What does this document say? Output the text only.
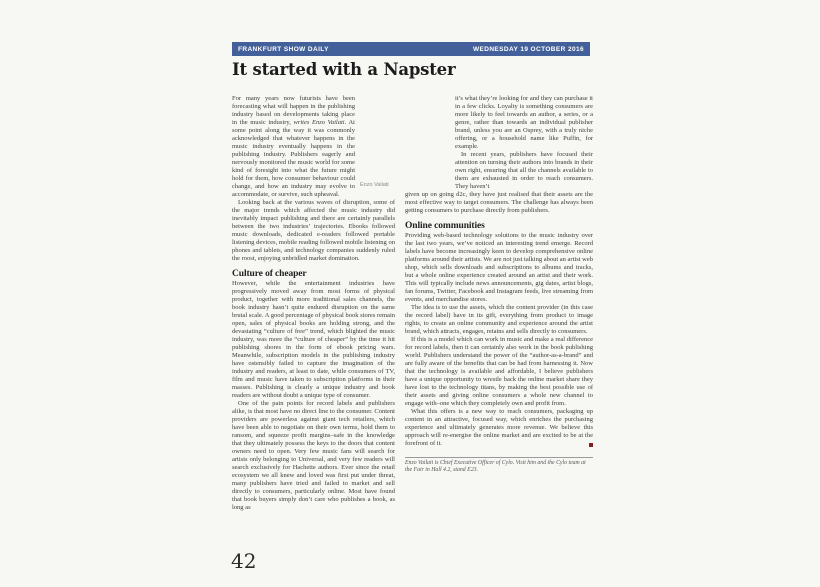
FRANKFURT SHOW DAILY	WEDNESDAY 19 OCTOBER 2016
It started with a Napster
Enzo Vailati

For many years now futurists have been forecasting what will happen in the publishing industry based on developments taking place in the music industry, writes Enzo Vailati. At some point along the way it was commonly acknowledged that whatever happens in the music industry eventually happens in the publishing industry. Publishers eagerly and nervously monitored the music world for some kind of foresight into what the future might hold for them, how consumer behaviour could change, and how an industry may evolve to accommodate, or survive, such upheaval.

Looking back at the various waves of disruption, some of the major trends which affected the music industry did inevitably impact publishing and there are certainly parallels between the two industries’ trajectories. Ebooks followed music downloads, dedicated e-readers followed portable listening devices, mobile reading followed mobile listening on phones and tablets, and technology companies suddenly ruled the roost, enjoying unbridled market domination.

Culture of cheaper

However, while the entertainment industries have progressively moved away from most forms of physical product, together with more traditional sales channels, the book industry hasn’t quite endured disruption on the same brutal scale. A good percentage of physical book stores remain open, sales of physical books are holding strong, and the devastating “culture of free” trend, which blighted the music industry, was more the “culture of cheaper” by the time it hit publishing shores in the form of ebook pricing wars. Meanwhile, subscription models in the publishing industry have ostensibly failed to capture the imagination of the industry and readers, at least to date, while consumers of TV, film and music have taken to subscription platforms in their masses. Publishing is clearly a unique industry and book readers are without doubt a unique type of consumer.

One of the pain points for record labels and publishers alike, is that most have no direct line to the consumer. Content providers are powerless against giant tech retailers, which have been able to negotiate on their own terms, hold them to ransom, and squeeze profit margins–safe in the knowledge that they ultimately possess the keys to the doors that content owners need to open. Very few music fans will search for artists only belonging to Universal, and very few readers will search exclusively for Hachette authors. Ever since the retail ecosystem we all knew and loved was first put under threat, many publishers have tried and failed to market and sell directly to consumers, particularly online. Most have found that book buyers simply don’t care who publishes a book, as long as

it’s what they’re looking for and they can purchase it in a few clicks. Loyalty is something consumers are more likely to feel towards an author, a series, or a genre, rather than towards an individual publisher brand, unless you are an Osprey, with a truly niche offering, or a household name like Puffin, for example.

In recent years, publishers have focused their attention on turning their authors into brands in their own right, ensuring that all the channels available to them are exhausted in order to reach consumers. They haven’t

given up on going d2c, they have just realised that their assets are the most effective way to target consumers. The challenge has always been getting consumers to purchase directly from publishers.

Online communities

Providing web-based technology solutions to the music industry over the last two years, we’ve noticed an interesting trend emerge. Record labels have become increasingly keen to develop comprehensive online platforms around their artists. We are not just talking about an artist web shop, which sells downloads and subscriptions to albums and tracks, but a whole online experience created around an artist and their work. This will typically include news announcements, gig dates, artist blogs, fan forums, Twitter, Facebook and Instagram feeds, live streaming from events, and merchandise stores.

The idea is to use the assets, which the content provider (in this case the record label) have in its gift, everything from product to image rights, to create an online community and experience around the artist brand, which attracts, engages, retains and sells directly to consumers.

If this is a model which can work in music and make a real difference for record labels, then it can certainly also work in the book publishing world. Publishers understand the power of the “author-as-a-brand” and are fully aware of the benefits that can be had from harnessing it. Now that the technology is available and affordable, I believe publishers have a unique opportunity to wrestle back the online market share they have lost to the technology titans, by making the best possible use of their assets and giving online consumers a whole new channel to engage with–one which they completely own and profit from.

What this offers is a new way to reach consumers, packaging up content in an attractive, focused way, which enriches the purchasing experience and ultimately generates more revenue. We believe this approach will re-energise the online market and are excited to be at the forefront of it.

Enzo Vailati is Chief Executive Officer of Cylo. Visit him and the Cylo team at the Fair in Hall 4.2, stand E23.
42
